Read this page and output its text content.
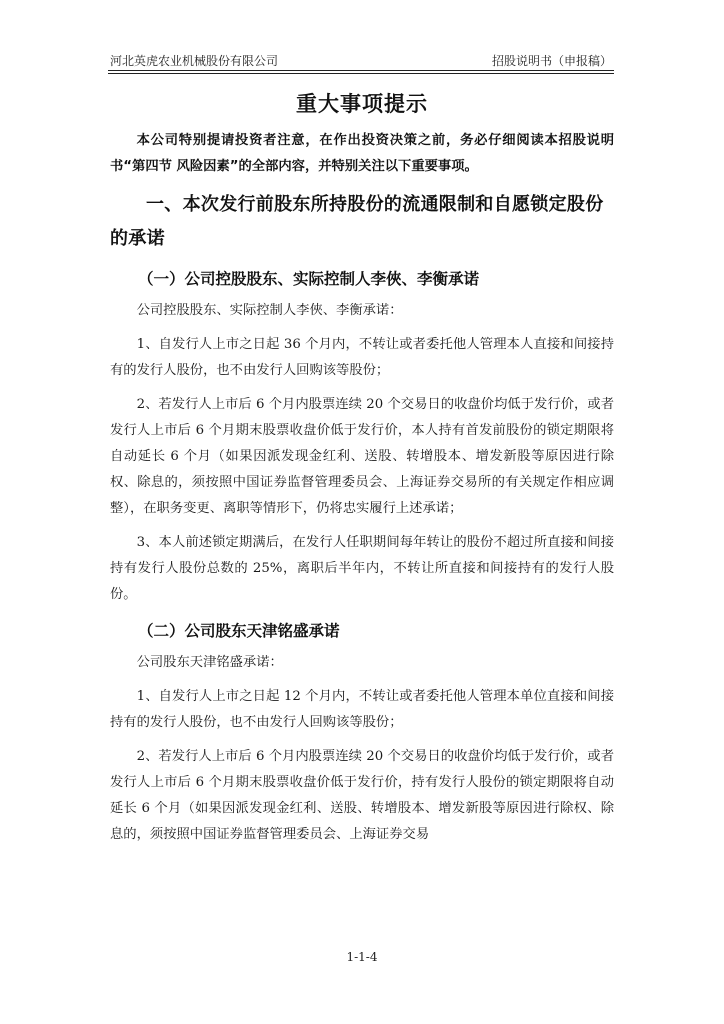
河北英虎农业机械股份有限公司	招股说明书（申报稿）
重大事项提示

本公司特别提请投资者注意，在作出投资决策之前，务必仔细阅读本招股说明书“第四节 风险因素”的全部内容，并特别关注以下重要事项。

一、本次发行前股东所持股份的流通限制和自愿锁定股份的承诺

（一）公司控股股东、实际控制人李俠、李衡承诺

公司控股股东、实际控制人李俠、李衡承诺：

1、自发行人上市之日起 36 个月内，不转让或者委托他人管理本人直接和间接持有的发行人股份，也不由发行人回购该等股份；

2、若发行人上市后 6 个月内股票连续 20 个交易日的收盘价均低于发行价，或者发行人上市后 6 个月期末股票收盘价低于发行价，本人持有首发前股份的锁定期限将自动延长 6 个月（如果因派发现金红利、送股、转增股本、增发新股等原因进行除权、除息的，须按照中国证券监督管理委员会、上海证券交易所的有关规定作相应调整），在职务变更、离职等情形下，仍将忠实履行上述承诺；

3、本人前述锁定期满后，在发行人任职期间每年转让的股份不超过所直接和间接持有发行人股份总数的 25%，离职后半年内，不转让所直接和间接持有的发行人股份。

（二）公司股东天津铭盛承诺

公司股东天津铭盛承诺：

1、自发行人上市之日起 12 个月内，不转让或者委托他人管理本单位直接和间接持有的发行人股份，也不由发行人回购该等股份；

2、若发行人上市后 6 个月内股票连续 20 个交易日的收盘价均低于发行价，或者发行人上市后 6 个月期末股票收盘价低于发行价，持有发行人股份的锁定期限将自动延长 6 个月（如果因派发现金红利、送股、转增股本、增发新股等原因进行除权、除息的，须按照中国证券监督管理委员会、上海证券交易

1-1-4
